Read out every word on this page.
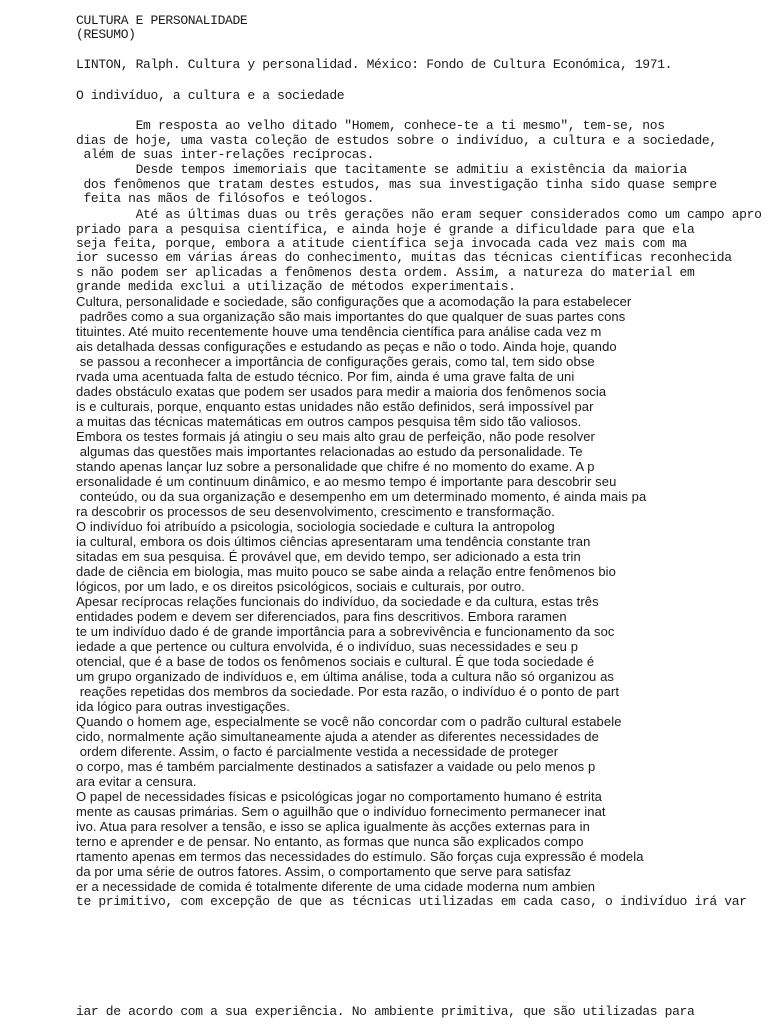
CULTURA E PERSONALIDADE

(RESUMO)

LINTON, Ralph. Cultura y personalidad. México: Fondo de Cultura Económica, 1971.

O indivíduo, a cultura e a sociedade

Em resposta ao velho ditado "Homem, conhece-te a ti mesmo", tem-se, nos

dias de hoje, uma vasta coleção de estudos sobre o indivíduo, a cultura e a sociedade,

além de suas inter-relações recíprocas.

Desde tempos imemoriais que tacitamente se admitiu a existência da maioria

dos fenômenos que tratam destes estudos, mas sua investigação tinha sido quase sempre

feita nas mãos de filósofos e teólogos.

Até as últimas duas ou três gerações não eram sequer considerados como um campo apro

priado para a pesquisa científica, e ainda hoje é grande a dificuldade para que ela

seja feita, porque, embora a atitude científica seja invocada cada vez mais com ma

ior sucesso em várias áreas do conhecimento, muitas das técnicas científicas reconhecida

s não podem ser aplicadas a fenômenos desta ordem. Assim, a natureza do material em

grande medida exclui a utilização de métodos experimentais.

Cultura, personalidade e sociedade, são configurações que a acomodação Ia para estabelecer

padrões como a sua organização são mais importantes do que qualquer de suas partes cons

tituintes. Até muito recentemente houve uma tendência científica para análise cada vez m

ais detalhada dessas configurações e estudando as peças e não o todo. Ainda hoje, quando

se passou a reconhecer a importância de configurações gerais, como tal, tem sido obse

rvada uma acentuada falta de estudo técnico. Por fim, ainda é uma grave falta de uni

dades obstáculo exatas que podem ser usados para medir a maioria dos fenômenos socia

is e culturais, porque, enquanto estas unidades não estão definidos, será impossível par

a muitas das técnicas matemáticas em outros campos pesquisa têm sido tão valiosos.

Embora os testes formais já atingiu o seu mais alto grau de perfeição, não pode resolver

algumas das questões mais importantes relacionadas ao estudo da personalidade. Te

stando apenas lançar luz sobre a personalidade que chifre é no momento do exame. A p

ersonalidade é um continuum dinâmico, e ao mesmo tempo é importante para descobrir seu

conteúdo, ou da sua organização e desempenho em um determinado momento, é ainda mais pa

ra descobrir os processos de seu desenvolvimento, crescimento e transformação.

O indivíduo foi atribuído a psicologia, sociologia sociedade e cultura Ia antropolog

ia cultural, embora os dois últimos ciências apresentaram uma tendência constante tran

sitadas em sua pesquisa. É provável que, em devido tempo, ser adicionado a esta trin

dade de ciência em biologia, mas muito pouco se sabe ainda a relação entre fenômenos bio

lógicos, por um lado, e os direitos psicológicos, sociais e culturais, por outro.

Apesar recíprocas relações funcionais do indivíduo, da sociedade e da cultura, estas três

entidades podem e devem ser diferenciados, para fins descritivos. Embora raramen

te um indivíduo dado é de grande importância para a sobrevivência e funcionamento da soc

iedade a que pertence ou cultura envolvida, é o indivíduo, suas necessidades e seu p

otencial, que é a base de todos os fenômenos sociais e cultural. É que toda sociedade é

um grupo organizado de indivíduos e, em última análise, toda a cultura não só organizou as

reações repetidas dos membros da sociedade. Por esta razão, o indivíduo é o ponto de part

ida lógico para outras investigações.

Quando o homem age, especialmente se você não concordar com o padrão cultural estabele

cido, normalmente ação simultaneamente ajuda a atender as diferentes necessidades de

ordem diferente. Assim, o facto é parcialmente vestida a necessidade de proteger

o corpo, mas é também parcialmente destinados a satisfazer a vaidade ou pelo menos p

ara evitar a censura.

O papel de necessidades físicas e psicológicas jogar no comportamento humano é estrita

mente as causas primárias. Sem o aguilhão que o indivíduo fornecimento permanecer inat

ivo. Atua para resolver a tensão, e isso se aplica igualmente às acções externas para in

terno e aprender e de pensar. No entanto, as formas que nunca são explicados compo

rtamento apenas em termos das necessidades do estímulo. São forças cuja expressão é modela

da por uma série de outros fatores. Assim, o comportamento que serve para satisfaz

er a necessidade de comida é totalmente diferente de uma cidade moderna num ambien

te primitivo, com excepção de que as técnicas utilizadas em cada caso, o indivíduo irá var

iar de acordo com a sua experiência. No ambiente primitiva, que são utilizadas para
